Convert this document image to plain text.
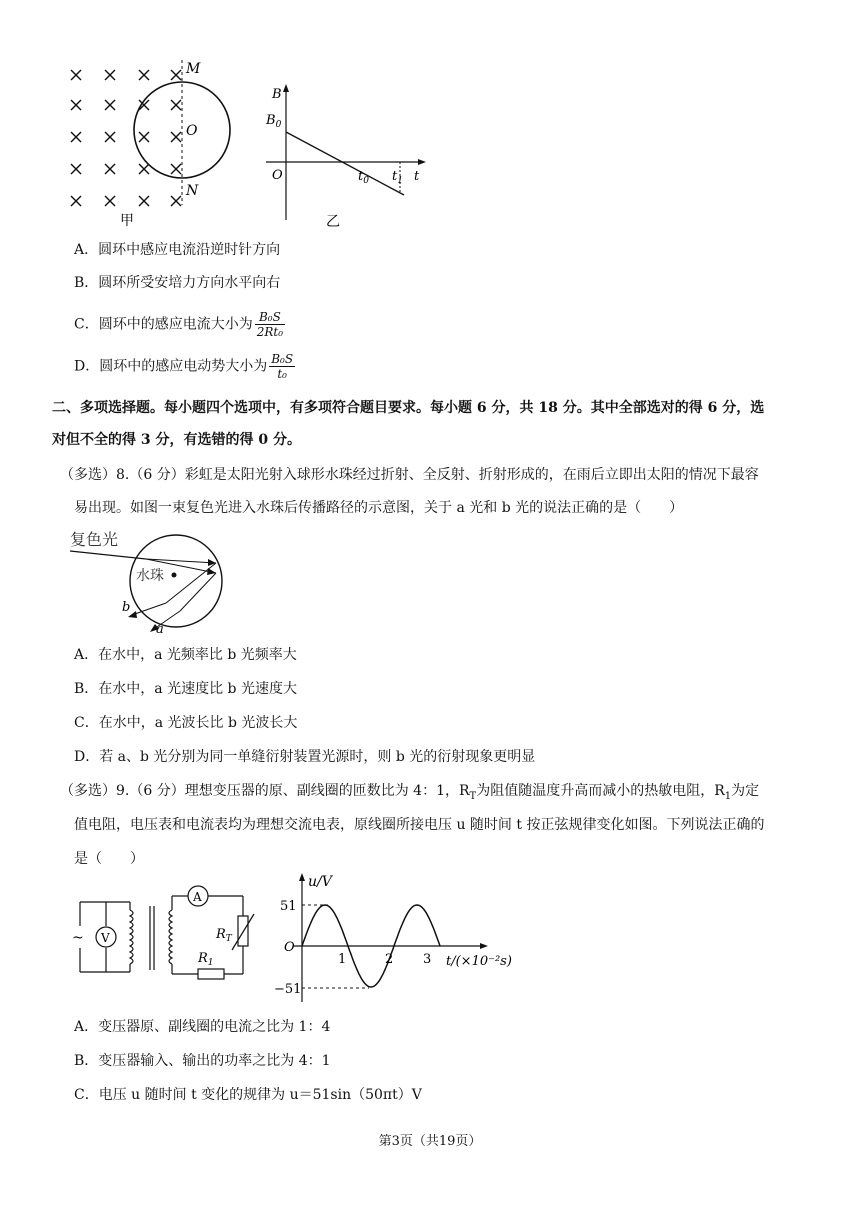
M
O
N
甲
B
$B_0$
O	$t_0$ $t_1$ t
乙
A．圆环中感应电流沿逆时针方向
B．圆环所受安培力方向水平向右
C．圆环中的感应电流大小为 $\frac{\text{B₀S}}{\text{2Rt₀}}$
D．圆环中的感应电动势大小为 $\frac{\text{B₀S}}{\text{t₀}}$
二、多项选择题。每小题四个选项中，有多项符合题目要求。每小题 6 分，共 18 分。其中全部选对的得 6 分，选
对但不全的得 3 分，有选错的得 0 分。
（多选）8.（6 分）彩虹是太阳光射入球形水珠经过折射、全反射、折射形成的，在雨后立即出太阳的情况下最容
易出现。如图一束复色光进入水珠后传播路径的示意图，关于 a 光和 b 光的说法正确的是（　　）
复色光
水珠
b
a
A．在水中，a 光频率比 b 光频率大
B．在水中，a 光速度比 b 光速度大
C．在水中，a 光波长比 b 光波长大
D．若 a、b 光分别为同一单缝衍射装置光源时，则 b 光的衍射现象更明显
（多选）9.（6 分）理想变压器的原、副线圈的匝数比为 4：1，$R_T$为阻值随温度升高而减小的热敏电阻，$R_1$为定
值电阻，电压表和电流表均为理想交流电表，原线圈所接电压 u 随时间 t 按正弦规律变化如图。下列说法正确的
是（　　）
~ V
A
$R_T$
$R_1$
u/V
51
−51
O
1	2 3 t/(×10⁻²s)
A．变压器原、副线圈的电流之比为 1：4
B．变压器输入、输出的功率之比为 4：1
C．电压 u 随时间 t 变化的规律为 u＝51sin（50πt）V
第3页（共19页）
